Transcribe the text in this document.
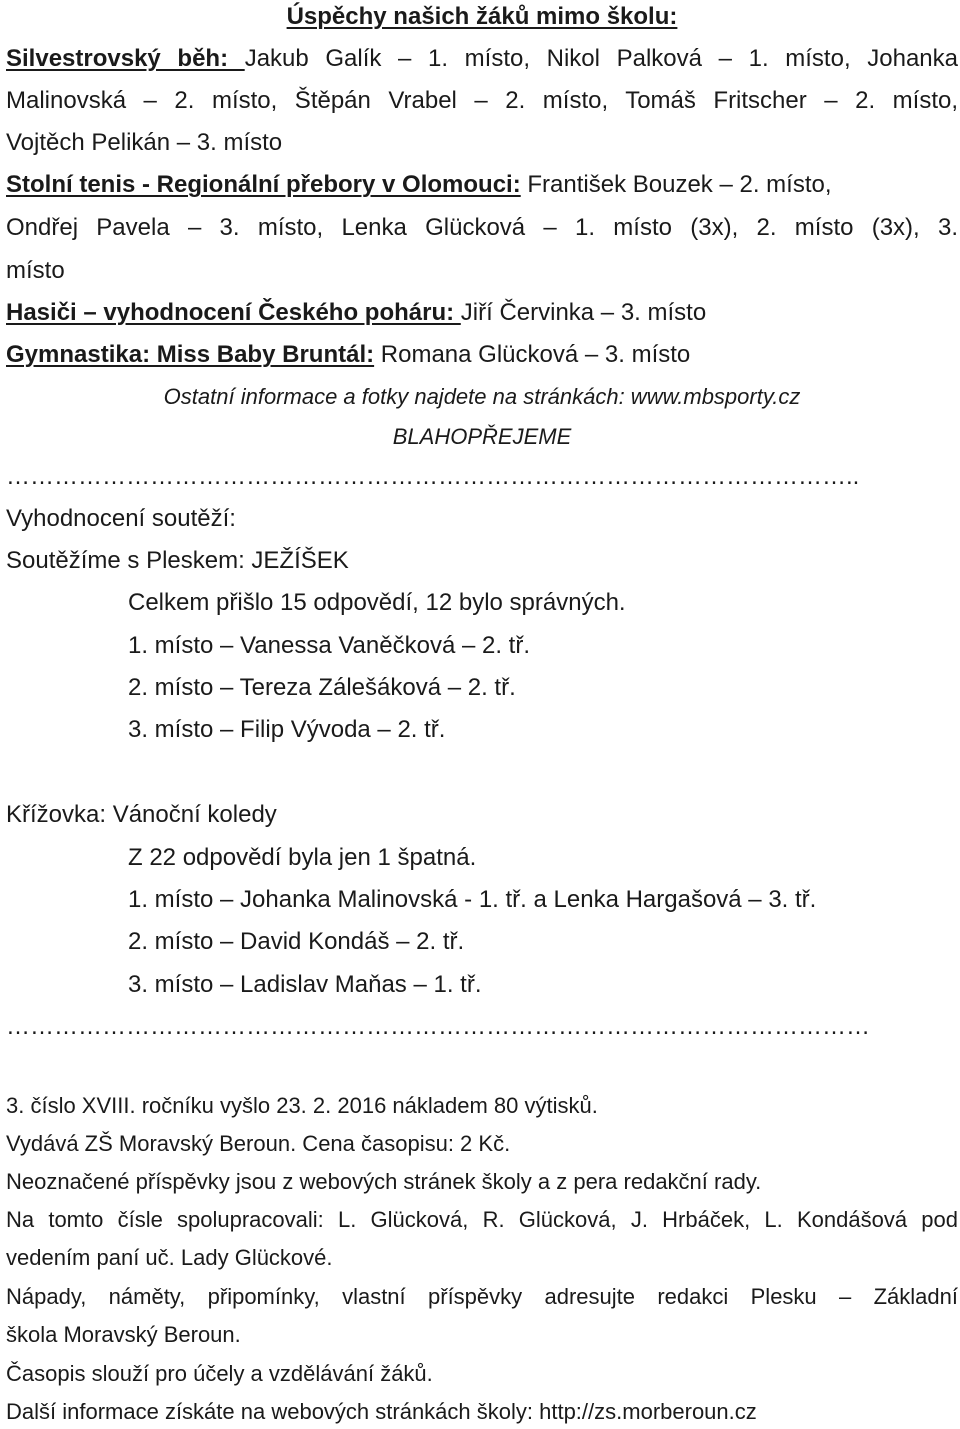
Úspěchy našich žáků mimo školu:
Silvestrovský běh: Jakub Galík – 1. místo, Nikol Palková – 1. místo, Johanka
Malinovská – 2. místo, Štěpán Vrabel – 2. místo, Tomáš Fritscher – 2. místo,
Vojtěch Pelikán – 3. místo
Stolní tenis - Regionální přebory v Olomouci: František Bouzek – 2. místo,
Ondřej Pavela – 3. místo, Lenka Glücková – 1. místo (3x), 2. místo (3x), 3.
místo
Hasiči – vyhodnocení Českého poháru: Jiří Červinka – 3. místo
Gymnastika: Miss Baby Bruntál: Romana Glücková – 3. místo
Ostatní informace a fotky najdete na stránkách: www.mbsporty.cz
BLAHOPŘEJEME
……………………………………………………………………………………………..
Vyhodnocení soutěží:
Soutěžíme s Pleskem: JEŽÍŠEK
Celkem přišlo 15 odpovědí, 12 bylo správných.
1. místo – Vanessa Vaněčková – 2. tř.
2. místo – Tereza Zálešáková – 2. tř.
3. místo – Filip Vývoda – 2. tř.
Křížovka: Vánoční koledy
Z 22 odpovědí byla jen 1 špatná.
1. místo – Johanka Malinovská - 1. tř. a Lenka Hargašová – 3. tř.
2. místo – David Kondáš – 2. tř.
3. místo – Ladislav Maňas – 1. tř.
………………………………………………………………………………………………
3. číslo XVIII. ročníku vyšlo 23. 2. 2016 nákladem 80 výtisků.
Vydává ZŠ Moravský Beroun. Cena časopisu: 2 Kč.
Neoznačené příspěvky jsou z webových stránek školy a z pera redakční rady.
Na tomto čísle spolupracovali: L. Glücková, R. Glücková, J. Hrbáček, L. Kondášová pod
vedením paní uč. Lady Glückové.
Nápady, náměty, připomínky, vlastní příspěvky adresujte redakci Plesku – Základní
škola Moravský Beroun.
Časopis slouží pro účely a vzdělávání žáků.
Další informace získáte na webových stránkách školy: http://zs.morberoun.cz
